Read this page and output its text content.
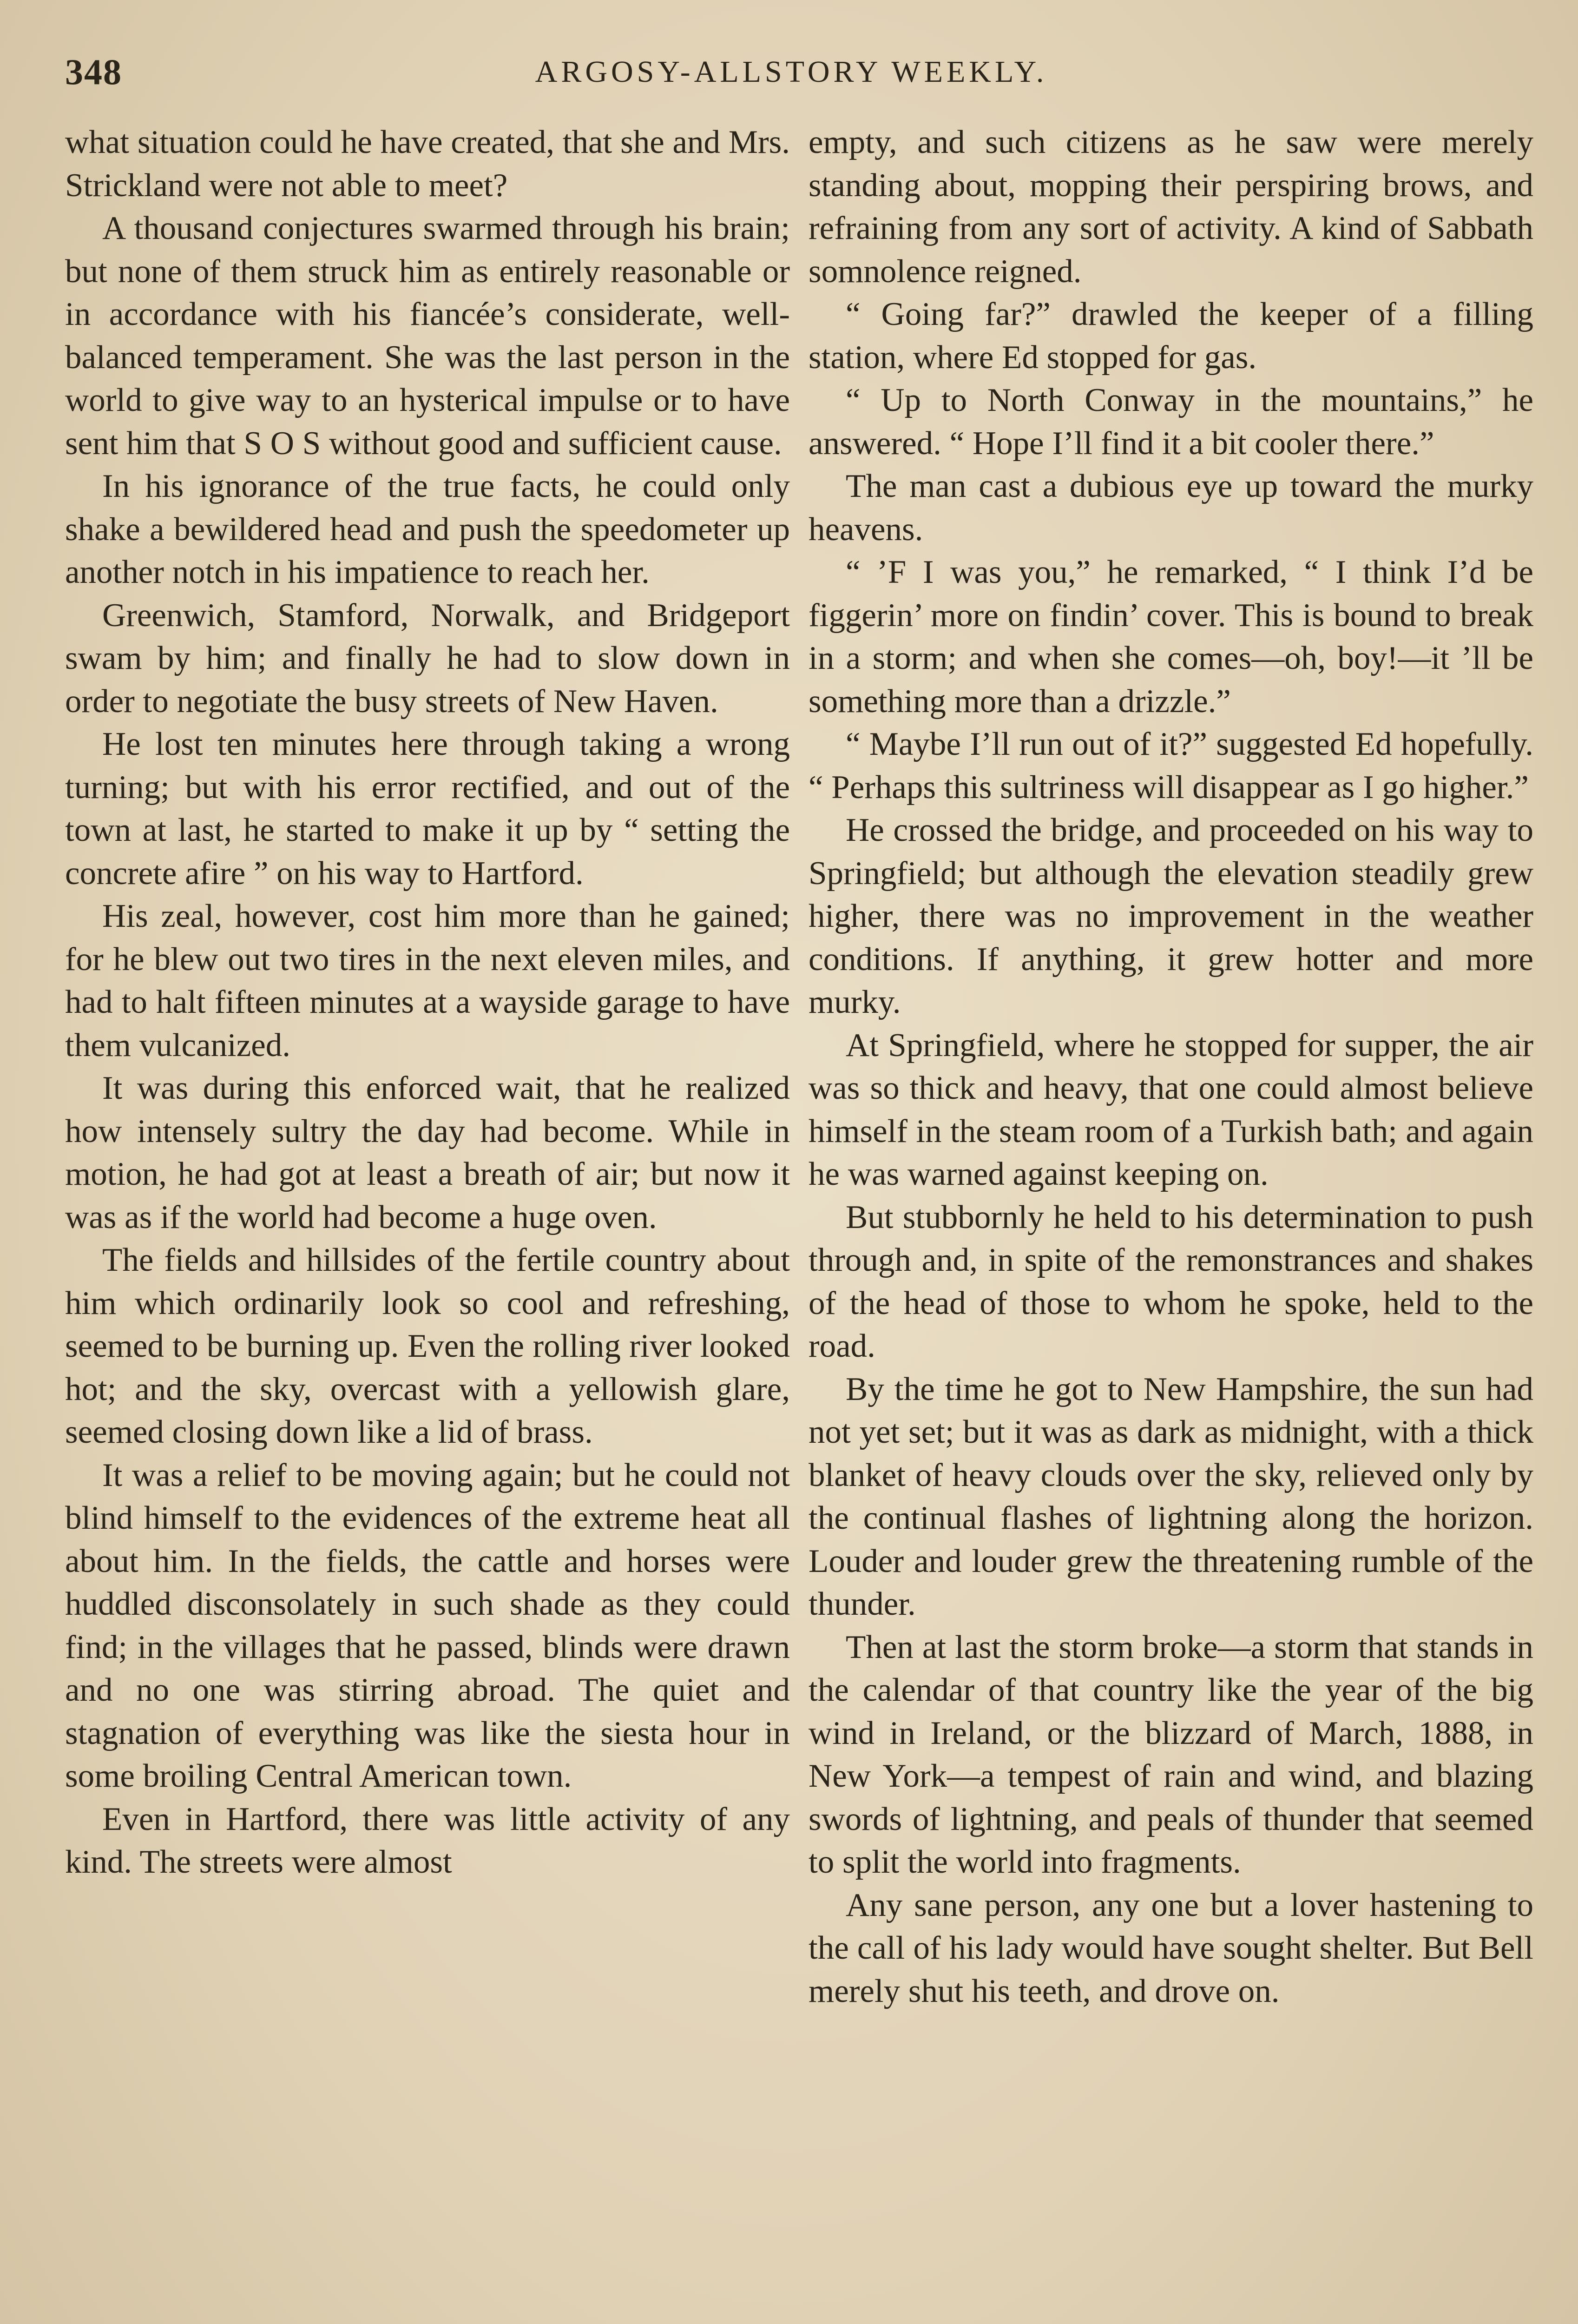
348	ARGOSY-ALLSTORY WEEKLY.

what situation could he have created, that she and Mrs. Strickland were not able to meet?

A thousand conjectures swarmed through his brain; but none of them struck him as entirely reasonable or in accordance with his fiancée’s considerate, well-balanced temperament. She was the last person in the world to give way to an hysterical impulse or to have sent him that S O S without good and sufficient cause.

In his ignorance of the true facts, he could only shake a bewildered head and push the speedometer up another notch in his impatience to reach her.

Greenwich, Stamford, Norwalk, and Bridgeport swam by him; and finally he had to slow down in order to negotiate the busy streets of New Haven.

He lost ten minutes here through taking a wrong turning; but with his error rectified, and out of the town at last, he started to make it up by “ setting the concrete afire ” on his way to Hartford.

His zeal, however, cost him more than he gained; for he blew out two tires in the next eleven miles, and had to halt fifteen minutes at a wayside garage to have them vulcanized.

It was during this enforced wait, that he realized how intensely sultry the day had become. While in motion, he had got at least a breath of air; but now it was as if the world had become a huge oven.

The fields and hillsides of the fertile country about him which ordinarily look so cool and refreshing, seemed to be burning up. Even the rolling river looked hot; and the sky, overcast with a yellowish glare, seemed closing down like a lid of brass.

It was a relief to be moving again; but he could not blind himself to the evidences of the extreme heat all about him. In the fields, the cattle and horses were huddled disconsolately in such shade as they could find; in the villages that he passed, blinds were drawn and no one was stirring abroad. The quiet and stagnation of everything was like the siesta hour in some broiling Central American town.

Even in Hartford, there was little activity of any kind. The streets were almost

empty, and such citizens as he saw were merely standing about, mopping their perspiring brows, and refraining from any sort of activity. A kind of Sabbath somnolence reigned.

“ Going far?” drawled the keeper of a filling station, where Ed stopped for gas.

“ Up to North Conway in the mountains,” he answered. “ Hope I’ll find it a bit cooler there.”

The man cast a dubious eye up toward the murky heavens.

“ ’F I was you,” he remarked, “ I think I’d be figgerin’ more on findin’ cover. This is bound to break in a storm; and when she comes—oh, boy!—it ’ll be something more than a drizzle.”

“ Maybe I’ll run out of it?” suggested Ed hopefully. “ Perhaps this sultriness will disappear as I go higher.”

He crossed the bridge, and proceeded on his way to Springfield; but although the elevation steadily grew higher, there was no improvement in the weather conditions. If anything, it grew hotter and more murky.

At Springfield, where he stopped for supper, the air was so thick and heavy, that one could almost believe himself in the steam room of a Turkish bath; and again he was warned against keeping on.

But stubbornly he held to his determination to push through and, in spite of the remonstrances and shakes of the head of those to whom he spoke, held to the road.

By the time he got to New Hampshire, the sun had not yet set; but it was as dark as midnight, with a thick blanket of heavy clouds over the sky, relieved only by the continual flashes of lightning along the horizon. Louder and louder grew the threatening rumble of the thunder.

Then at last the storm broke—a storm that stands in the calendar of that country like the year of the big wind in Ireland, or the blizzard of March, 1888, in New York—a tempest of rain and wind, and blazing swords of lightning, and peals of thunder that seemed to split the world into fragments.

Any sane person, any one but a lover hastening to the call of his lady would have sought shelter. But Bell merely shut his teeth, and drove on.
